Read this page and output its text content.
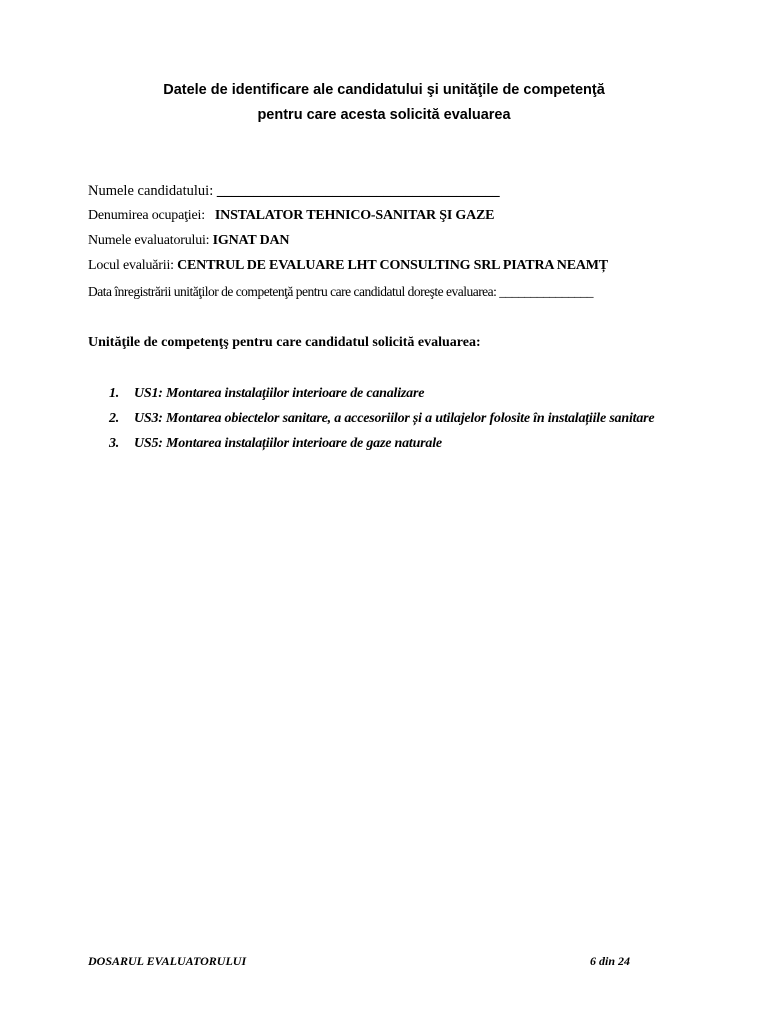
Datele de identificare ale candidatului şi unităţile de competenţă
pentru care acesta solicită evaluarea
Numele candidatului: _______________________________________
Denumirea ocupaţiei: INSTALATOR TEHNICO-SANITAR ŞI GAZE
Numele evaluatorului: IGNAT DAN
Locul evaluării: CENTRUL DE EVALUARE LHT CONSULTING SRL PIATRA NEAMȚ
Data înregistrării unităţilor de competenţă pentru care candidatul doreşte evaluarea: _______________
Unităţile de competenţş pentru care candidatul solicită evaluarea:
1. US1: Montarea instalaţiilor interioare de canalizare
2. US3: Montarea obiectelor sanitare, a accesoriilor și a utilajelor folosite în instalațiile sanitare
3. US5: Montarea instalațiilor interioare de gaze naturale
DOSARUL EVALUATORULUI	6 din 24
